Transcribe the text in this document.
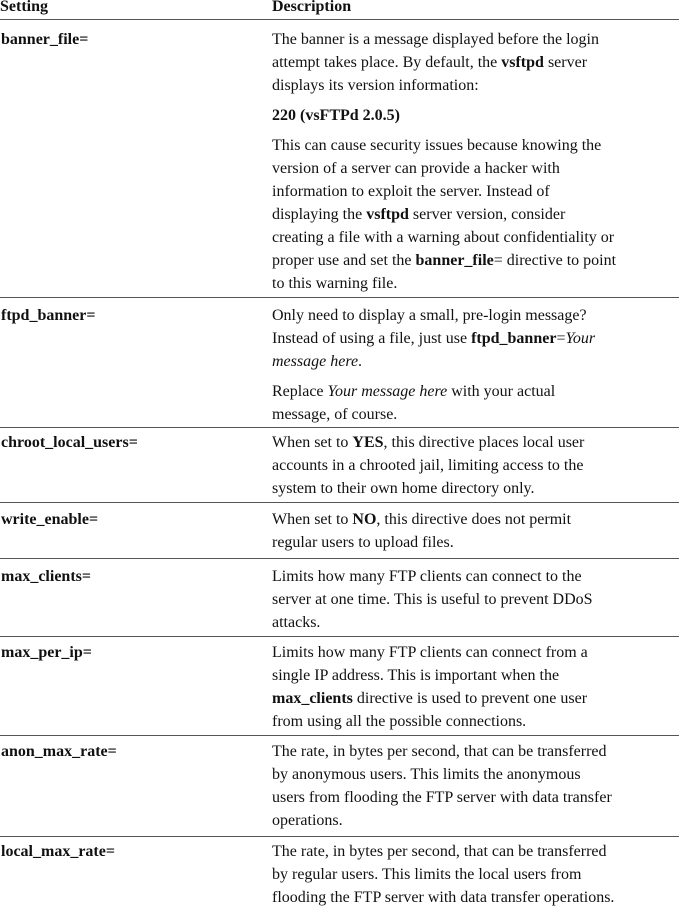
Setting	Description
banner_file=	The banner is a message displayed before the login

attempt takes place. By default, the vsftpd server

displays its version information:

220 (vsFTPd 2.0.5)

This can cause security issues because knowing the

version of a server can provide a hacker with

information to exploit the server. Instead of

displaying the vsftpd server version, consider

creating a file with a warning about confidentiality or

proper use and set the banner_file= directive to point

to this warning file.

ftpd_banner=	Only need to display a small, pre-login message?

Instead of using a file, just use ftpd_banner=Your

message here.

Replace Your message here with your actual

message, of course.

chroot_local_users=	When set to YES, this directive places local user

accounts in a chrooted jail, limiting access to the

system to their own home directory only.

write_enable=	When set to NO, this directive does not permit

regular users to upload files.

max_clients=	Limits how many FTP clients can connect to the

server at one time. This is useful to prevent DDoS

attacks.

max_per_ip=	Limits how many FTP clients can connect from a

single IP address. This is important when the

max_clients directive is used to prevent one user

from using all the possible connections.

anon_max_rate=	The rate, in bytes per second, that can be transferred

by anonymous users. This limits the anonymous

users from flooding the FTP server with data transfer

operations.

local_max_rate=	The rate, in bytes per second, that can be transferred

by regular users. This limits the local users from

flooding the FTP server with data transfer operations.
